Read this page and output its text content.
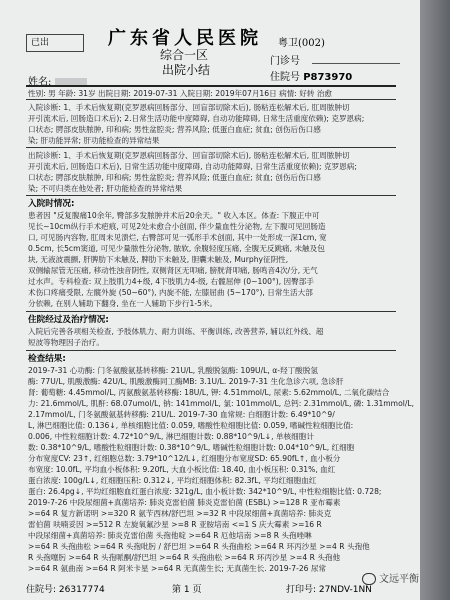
已出	广东省人民医院
综合一区
出院小结
粤卫(002)
门诊号
住院号 P873970
姓名:
性别: 男 年龄: 31岁 出院日期: 2019-07-31 入院日期: 2019年07月16日 病情: 好转 治愈
入院诊断: 1、手术后恢复期(克罗恩病回肠部分、回盲部切除术后), 肠粘连松解术后, 肛周脓肿切
开引流术后, 回肠造口术后); 2.日常生活功能中度障碍, 自动功能障碍, 日常生活重度依赖); 克罗恩病;
口状态; 腭部皮肤脓肿, 印和病; 男性盆腔炎; 营养风险; 低蛋白血症; 贫血; 创伤后伤口感
染; 肝功能异常; 肝功能检查的异常结果
出院诊断: 1、手术后恢复期(克罗恩病回肠部分、回盲部切除术后), 肠粘连松解术后, 肛周脓肿切
开引流术后, 回肠造口术后), 日常生活功能中度障碍, 自动功能障碍, 日常生活重度依赖); 克罗恩病;
口状态; 腭部皮肤脓肿, 印和病; 男性盆腔炎; 营养风险; 低蛋白血症; 贫血; 创伤后伤口感
染; 不可归类在他处者; 肝功能检查的异常结果
入院时情况:
患者因 "反复腹痛10余年, 臀部多发脓肿并术后20余天。" 收入本区。体查: 下腹正中可
见长~10cm纵行手术疤痕, 可见2处未愈合小创面, 伴少量血性分泌物, 左下腹可见回肠造
口, 可见肠内容物, 肛周未见溃烂, 右臀部可见一弧形手术创面, 其中一处形成一深1cm, 宽
0.5cm, 长5cm窦道, 可见少量脓性分泌物, 脓软, 余腹轻度压痛, 全腹无反跳痛, 未触及包
块, 无液波震颤, 肝脾肋下未触及, 脾肋下未触及, 胆囊未触及, Murphy征阴性,
双侧输尿管无压痛, 移动性浊音阴性, 双侧肾区无叩痛, 膀胱肾叩痛, 肠鸣音4次/分, 无气
过水声。专科检查: 双上肢肌力4+级, 4下肢肌力4-级, 右髋屈伸 (0~100°), 因臀部手
术伤口疼痛受限, 左髋外旋 (50~60°), 内旋不能, 左膝屈曲 (5~170°), 日常生活大部
分依赖, 在别人辅助下翻身, 坐在一人辅助下步行1-5米。
住院经过及治疗情况:
入院后完善各项相关检查, 予肢体肌力、耐力训练、平衡训练, 改善营养, 辅以红外线、超
短波等物理因子治疗。
检查结果:
2019-7-31 心功酶: 门冬氨酸氨基转移酶: 21U/L, 乳酸脱氢酶: 109U/L, α-羟丁酸脱氢
酶: 77U/L, 肌酸激酶: 42U/L, 肌酸激酶同工酶MB: 3.1U/L. 2019-7-31 生化急诊六项, 急诊肝
肾: 葡萄糖: 4.45mmol/L, 丙氨酸氨基转移酶: 18U/L, 钾: 4.51mmol/L, 尿素: 5.62mmol/L, 二氧化碳结合
力: 21.6mmol/L, 肌酐: 68.07umol/L, 钠: 141mmol/L, 氯: 101mmol/L, 总钙: 2.31mmol/L, 磷: 1.31mmol/L,
2.17mmol/L, 门冬氨酸氨基转移酶: 21U/L. 2019-7-30 血常规: 白细胞计数: 6.49*10^9/
L, 淋巴细胞比值: 0.136↓, 单核细胞比值: 0.059, 嗜酸性粒细胞比值: 0.059, 嗜碱性粒细胞比值:
0.006, 中性粒细胞计数: 4.72*10^9/L, 淋巴细胞计数: 0.88*10^9/L↓, 单核细胞计
数: 0.38*10^9/L, 嗜酸性粒细胞计数: 0.38*10^9/L, 嗜碱性粒细胞计数: 0.04*10^9/L, 红细胞
分布宽度CV: 23↑, 红细胞总数: 3.79*10^12/L↓, 红细胞分布宽度SD: 65.90fL↑, 血小板分
布宽度: 10.0fL, 平均血小板体积: 9.20fL, 大血小板比值: 18.40, 血小板压积: 0.31%, 血红
蛋白浓度: 100g/L↓, 红细胞压积: 0.312↓, 平均红细胞体积: 82.3fL, 平均红细胞血红
蛋白: 26.4pg↓, 平均红细胞血红蛋白浓度: 321g/L, 血小板计数: 342*10^9/L, 中性粒细胞比值: 0.728;
2019-7-26 中段尿细菌+真菌培养: 肺炎克雷伯菌 肺炎克雷伯菌 (ESBL) >=128 R 亚布霉素
>=64 R 复方新诺明 >=320 R 氨苄西林/舒巴坦 >=32 R 中段尿细菌+真菌培养: 肺炎克
雷伯菌 呋喃妥因 >=512 R 左旋氧氟沙星 >=8 R 亚胺培南 <=1 S 庆大霉素 >=16 R
中段尿细菌+真菌培养: 肺炎克雷伯菌 头孢他啶 >=64 R 厄他培南 >=8 R 头孢唑啉
>=64 R 头孢曲松 >=64 R 头孢吡肟 / 舒巴坦 >=64 R 头孢曲松 >=64 R 环丙沙星 >=4 R 头孢他
R 头孢噻肟 >=64 R 头孢哌酮/舒巴坦 >=64 R 头孢曲松 >=64 R 环丙沙星 >=4 R 头孢他
>=64 R 氨曲南 >=64 R 阿米卡星 >=64 R 无真菌生长; 无真菌生长. 2019-7-26 尿常
住院号: 26317774	第 1 页	打印号: 27NDV-1NN
文远平衡
